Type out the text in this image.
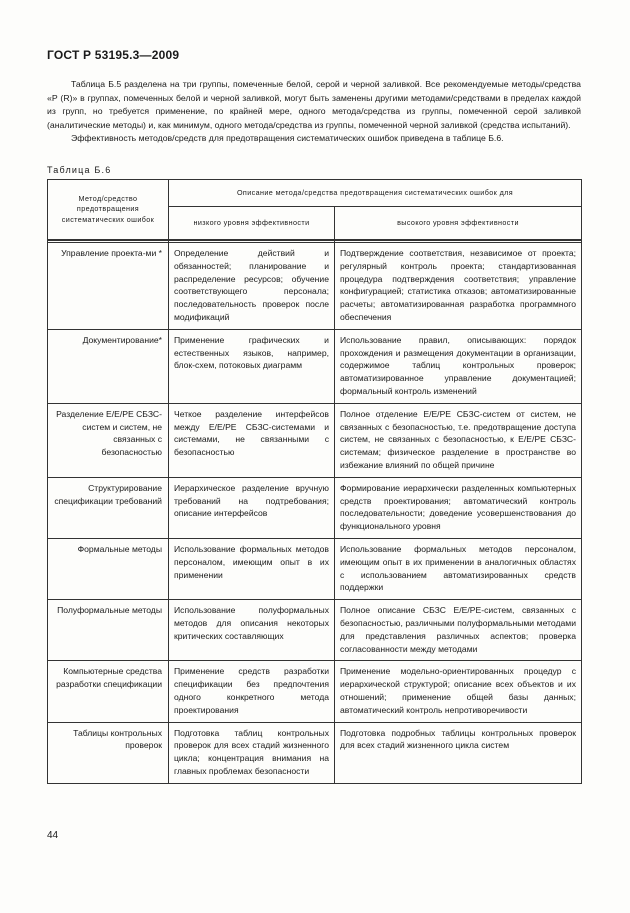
ГОСТ Р 53195.3—2009

Таблица Б.5 разделена на три группы, помеченные белой, серой и черной заливкой. Все рекомендуемые методы/средства «Р (R)» в группах, помеченных белой и черной заливкой, могут быть заменены другими методами/средствами в пределах каждой из групп, но требуется применение, по крайней мере, одного метода/средства из группы, помеченной серой заливкой (аналитические методы) и, как минимум, одного метода/средства из группы, помеченной черной заливкой (средства испытаний).

Эффективность методов/средств для предотвращения систематических ошибок приведена в таблице Б.6.

Таблица Б.6
Метод/средство предотвращения систематических ошибок	Описание метода/средства предотвращения систематических ошибок для	
	низкого уровня эффективности	высокого уровня эффективности

Управление проекта-ми *	Определение действий и обязанностей; планирование и распределение ресурсов; обучение соответствующего персонала; последовательность проверок после модификаций	Подтверждение соответствия, независимое от проекта; регулярный контроль проекта; стандартизованная процедура подтверждения соответствия; управление конфигурацией; статистика отказов; автоматизированные расчеты; автоматизированная разработка программного обеспечения
Документирование*	Применение графических и естественных языков, например, блок-схем, потоковых диаграмм	Использование правил, описывающих: порядок прохождения и размещения документации в организации, содержимое таблиц контрольных проверок; автоматизированное управление документацией; формальный контроль изменений
Разделение Е/Е/РЕ СБЗС- систем и систем, не связанных с безопасностью	Четкое разделение интерфейсов между Е/Е/РЕ СБЗС-системами и системами, не связанными с безопасностью	Полное отделение Е/Е/РЕ СБЗС-систем от систем, не связанных с безопасностью, т.е. предотвращение доступа систем, не связанных с безопасностью, к Е/Е/РЕ СБЗС-системам; физическое разделение в пространстве во избежание влияний по общей причине
Структурирование спецификации требований	Иерархическое разделение вручную требований на подтребования; описание интерфейсов	Формирование иерархически разделенных компьютерных средств проектирования; автоматический контроль последовательности; доведение усовершенствования до функционального уровня
Формальные методы	Использование формальных методов персоналом, имеющим опыт в их применении	Использование формальных методов персоналом, имеющим опыт в их применении в аналогичных областях с использованием автоматизированных средств поддержки
Полуформальные методы	Использование полуформальных методов для описания некоторых критических составляющих	Полное описание СБЗС Е/Е/РЕ-систем, связанных с безопасностью, различными полуформальными методами для представления различных аспектов; проверка согласованности между методами
Компьютерные средства разработки спецификации	Применение средств разработки спецификации без предпочтения одного конкретного метода проектирования	Применение модельно-ориентированных процедур с иерархической структурой; описание всех объектов и их отношений; применение общей базы данных; автоматический контроль непротиворечивости
Таблицы контрольных проверок	Подготовка таблиц контрольных проверок для всех стадий жизненного цикла; концентрация внимания на главных проблемах безопасности	Подготовка подробных таблицы контрольных проверок для всех стадий жизненного цикла систем
44
